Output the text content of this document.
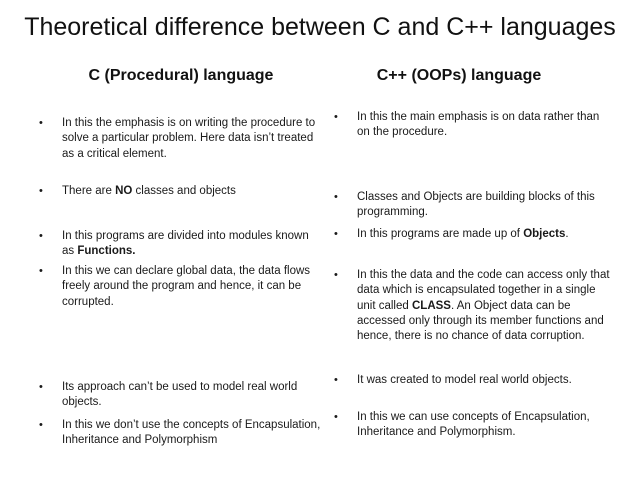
Theoretical difference between C and C++ languages
C (Procedural) language	C++ (OOPs) language
• In this the emphasis is on writing the procedure to solve a particular problem. Here data isn’t treated as a critical element.
• There are NO classes and objects
• In this programs are divided into modules known as Functions.
• In this we can declare global data, the data flows freely around the program and hence, it can be corrupted.
• Its approach can’t be used to model real world objects.
• In this we don’t use the concepts of Encapsulation, Inheritance and Polymorphism
• In this the main emphasis is on data rather than on the procedure.
• Classes and Objects are building blocks of this programming.
• In this programs are made up of Objects.
• In this the data and the code can access only that data which is encapsulated together in a single unit called CLASS. An Object data can be accessed only through its member functions and hence, there is no chance of data corruption.
• It was created to model real world objects.
• In this we can use concepts of Encapsulation, Inheritance and Polymorphism.
